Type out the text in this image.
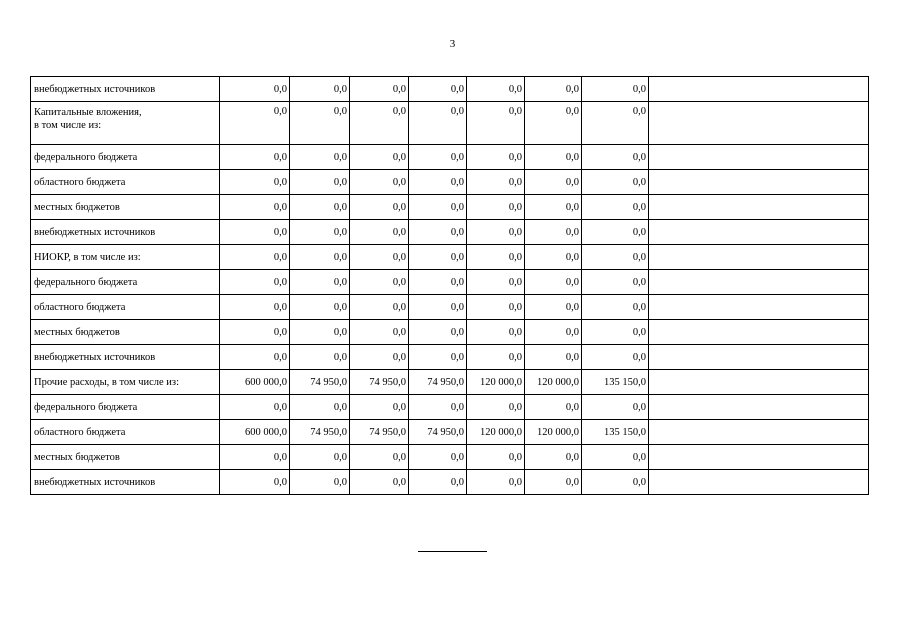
3
внебюджетных источников	0,0	0,0	0,0	0,0	0,0	0,0	0,0	

Капитальные вложения,
в том числе из:	0,0	0,0	0,0	0,0	0,0	0,0	0,0	
федерального бюджета	0,0	0,0	0,0	0,0	0,0	0,0	0,0	
областного бюджета	0,0	0,0	0,0	0,0	0,0	0,0	0,0	
местных бюджетов	0,0	0,0	0,0	0,0	0,0	0,0	0,0	
внебюджетных источников	0,0	0,0	0,0	0,0	0,0	0,0	0,0	
НИОКР, в том числе из:	0,0	0,0	0,0	0,0	0,0	0,0	0,0	
федерального бюджета	0,0	0,0	0,0	0,0	0,0	0,0	0,0	
областного бюджета	0,0	0,0	0,0	0,0	0,0	0,0	0,0	
местных бюджетов	0,0	0,0	0,0	0,0	0,0	0,0	0,0	
внебюджетных источников	0,0	0,0	0,0	0,0	0,0	0,0	0,0	
Прочие расходы, в том числе из:	600 000,0	74 950,0	74 950,0	74 950,0	120 000,0	120 000,0	135 150,0	
федерального бюджета	0,0	0,0	0,0	0,0	0,0	0,0	0,0	
областного бюджета	600 000,0	74 950,0	74 950,0	74 950,0	120 000,0	120 000,0	135 150,0	
местных бюджетов	0,0	0,0	0,0	0,0	0,0	0,0	0,0	
внебюджетных источников	0,0	0,0	0,0	0,0	0,0	0,0	0,0	
